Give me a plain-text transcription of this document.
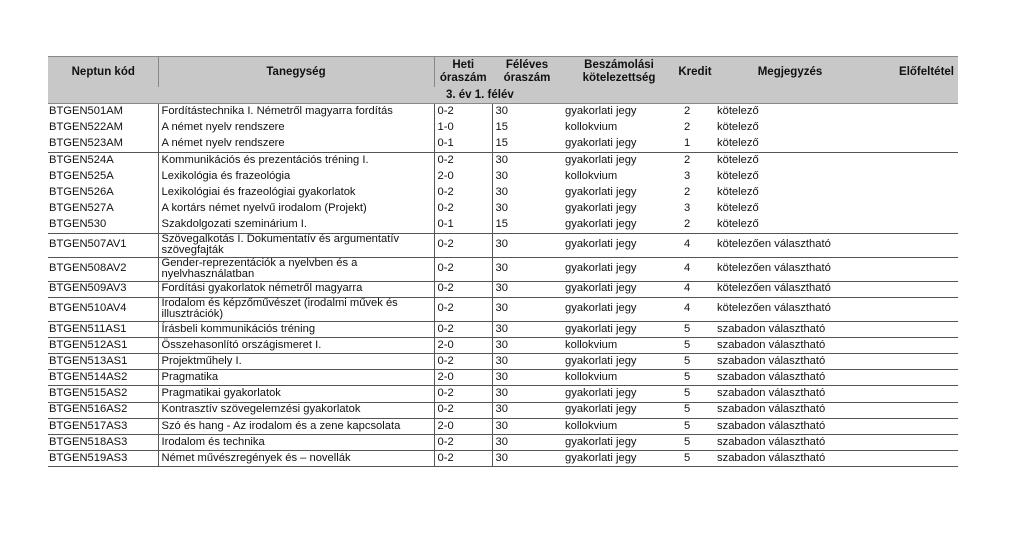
Neptun kód	Tanegység	Heti óraszám	Féléves óraszám	Beszámolási kötelezettség	Kredit	Megjegyzés	Előfeltétel
		3. év 1. félév					
BTGEN501AM	Fordítástechnika I. Németről magyarra fordítás	0-2	30	gyakorlati jegy	2	kötelező	
BTGEN522AM	A német nyelv rendszere	1-0	15	kollokvium	2	kötelező	
BTGEN523AM	A német nyelv rendszere	0-1	15	gyakorlati jegy	1	kötelező	
BTGEN524A	Kommunikációs és prezentációs tréning I.	0-2	30	gyakorlati jegy	2	kötelező	
BTGEN525A	Lexikológia és frazeológia	2-0	30	kollokvium	3	kötelező	
BTGEN526A	Lexikológiai és frazeológiai gyakorlatok	0-2	30	gyakorlati jegy	2	kötelező	
BTGEN527A	A kortárs német nyelvű irodalom (Projekt)	0-2	30	gyakorlati jegy	3	kötelező	
BTGEN530	Szakdolgozati szeminárium I.	0-1	15	gyakorlati jegy	2	kötelező	
BTGEN507AV1	Szövegalkotás I. Dokumentatív és argumentatív szövegfajták	0-2	30	gyakorlati jegy	4	kötelezően választható	
BTGEN508AV2	Gender-reprezentációk a nyelvben és a nyelvhasználatban	0-2	30	gyakorlati jegy	4	kötelezően választható	
BTGEN509AV3	Fordítási gyakorlatok németről magyarra	0-2	30	gyakorlati jegy	4	kötelezően választható	
BTGEN510AV4	Irodalom és képzőművészet (irodalmi művek és illusztrációk)	0-2	30	gyakorlati jegy	4	kötelezően választható	
BTGEN511AS1	Írásbeli kommunikációs tréning	0-2	30	gyakorlati jegy	5	szabadon választható	
BTGEN512AS1	Összehasonlító országismeret I.	2-0	30	kollokvium	5	szabadon választható	
BTGEN513AS1	Projektműhely I.	0-2	30	gyakorlati jegy	5	szabadon választható	
BTGEN514AS2	Pragmatika	2-0	30	kollokvium	5	szabadon választható	
BTGEN515AS2	Pragmatikai gyakorlatok	0-2	30	gyakorlati jegy	5	szabadon választható	
BTGEN516AS2	Kontrasztív szövegelemzési gyakorlatok	0-2	30	gyakorlati jegy	5	szabadon választható	
BTGEN517AS3	Szó és hang - Az irodalom és a zene kapcsolata	2-0	30	kollokvium	5	szabadon választható	
BTGEN518AS3	Irodalom és technika	0-2	30	gyakorlati jegy	5	szabadon választható	
BTGEN519AS3	Német művészregények és – novellák	0-2	30	gyakorlati jegy	5	szabadon választható	
